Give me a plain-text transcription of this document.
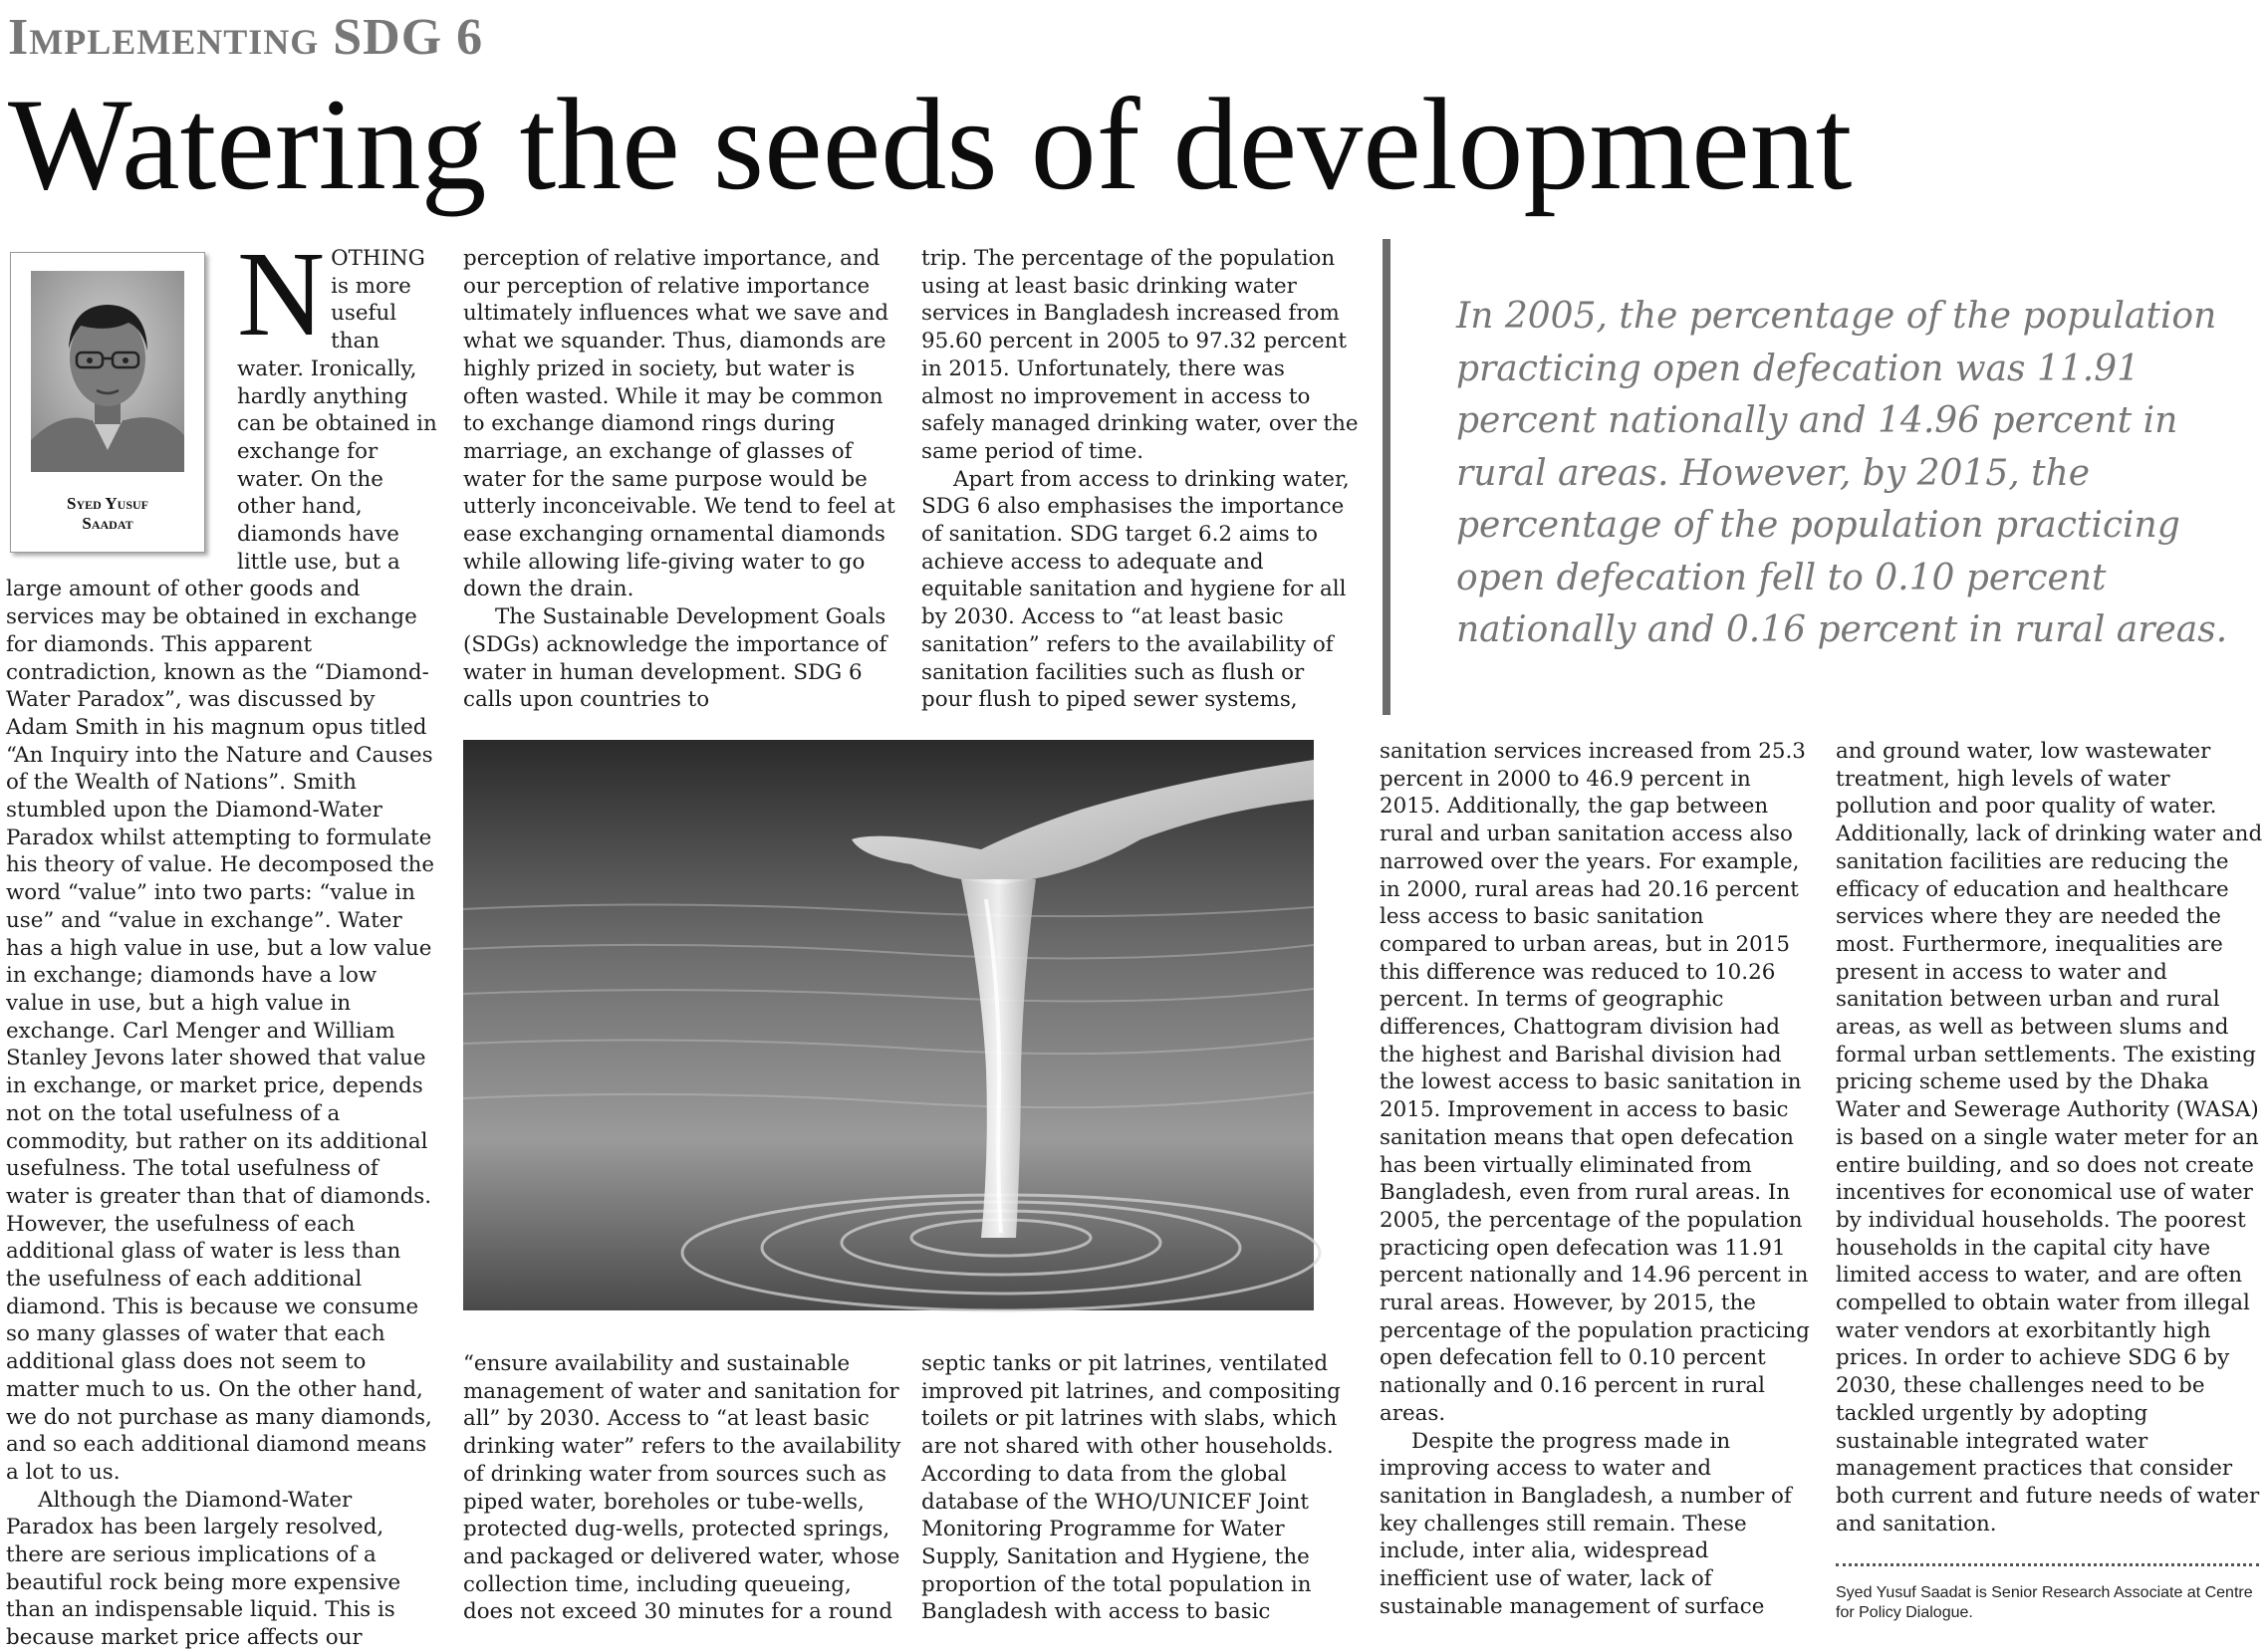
Implementing SDG 6
Watering the seeds of development
Syed Yusuf
Saadat
N OTHING is more useful than water. Ironically, hardly anything can be obtained in exchange for water. On the other hand, diamonds have little use, but a large amount of other goods and services may be obtained in exchange for diamonds. This apparent contradiction, known as the “Diamond-Water Paradox”, was discussed by Adam Smith in his magnum opus titled “An Inquiry into the Nature and Causes of the Wealth of Nations”. Smith stumbled upon the Diamond-Water Paradox whilst attempting to formulate his theory of value. He decomposed the word “value” into two parts: “value in use” and “value in exchange”. Water has a high value in use, but a low value in exchange; diamonds have a low value in use, but a high value in exchange. Carl Menger and William Stanley Jevons later showed that value in exchange, or market price, depends not on the total usefulness of a commodity, but rather on its additional usefulness. The total usefulness of water is greater than that of diamonds. However, the usefulness of each additional glass of water is less than the usefulness of each additional diamond. This is because we consume so many glasses of water that each additional glass does not seem to matter much to us. On the other hand, we do not purchase as many diamonds, and so each additional diamond means a lot to us.

Although the Diamond-Water Paradox has been largely resolved, there are serious implications of a beautiful rock being more expensive than an indispensable liquid. This is because market price affects our

perception of relative importance, and our perception of relative importance ultimately influences what we save and what we squander. Thus, diamonds are highly prized in society, but water is often wasted. While it may be common to exchange diamond rings during marriage, an exchange of glasses of water for the same purpose would be utterly inconceivable. We tend to feel at ease exchanging ornamental diamonds while allowing life-giving water to go down the drain.

The Sustainable Development Goals (SDGs) acknowledge the importance of water in human development. SDG 6 calls upon countries to

trip. The percentage of the population using at least basic drinking water services in Bangladesh increased from 95.60 percent in 2005 to 97.32 percent in 2015. Unfortunately, there was almost no improvement in access to safely managed drinking water, over the same period of time.

Apart from access to drinking water, SDG 6 also emphasises the importance of sanitation. SDG target 6.2 aims to achieve access to adequate and equitable sanitation and hygiene for all by 2030. Access to “at least basic sanitation” refers to the availability of sanitation facilities such as flush or pour flush to piped sewer systems,

In 2005, the percentage of the population practicing open defecation was 11.91 percent nationally and 14.96 percent in rural areas. However, by 2015, the percentage of the population practicing open defecation fell to 0.10 percent nationally and 0.16 percent in rural areas.

“ensure availability and sustainable management of water and sanitation for all” by 2030. Access to “at least basic drinking water” refers to the availability of drinking water from sources such as piped water, boreholes or tube-wells, protected dug-wells, protected springs, and packaged or delivered water, whose collection time, including queueing, does not exceed 30 minutes for a round

septic tanks or pit latrines, ventilated improved pit latrines, and compositing toilets or pit latrines with slabs, which are not shared with other households. According to data from the global database of the WHO/UNICEF Joint Monitoring Programme for Water Supply, Sanitation and Hygiene, the proportion of the total population in Bangladesh with access to basic

sanitation services increased from 25.3 percent in 2000 to 46.9 percent in 2015. Additionally, the gap between rural and urban sanitation access also narrowed over the years. For example, in 2000, rural areas had 20.16 percent less access to basic sanitation compared to urban areas, but in 2015 this difference was reduced to 10.26 percent. In terms of geographic differences, Chattogram division had the highest and Barishal division had the lowest access to basic sanitation in 2015. Improvement in access to basic sanitation means that open defecation has been virtually eliminated from Bangladesh, even from rural areas. In 2005, the percentage of the population practicing open defecation was 11.91 percent nationally and 14.96 percent in rural areas. However, by 2015, the percentage of the population practicing open defecation fell to 0.10 percent nationally and 0.16 percent in rural areas.

Despite the progress made in improving access to water and sanitation in Bangladesh, a number of key challenges still remain. These include, inter alia, widespread inefficient use of water, lack of sustainable management of surface

and ground water, low wastewater treatment, high levels of water pollution and poor quality of water. Additionally, lack of drinking water and sanitation facilities are reducing the efficacy of education and healthcare services where they are needed the most. Furthermore, inequalities are present in access to water and sanitation between urban and rural areas, as well as between slums and formal urban settlements. The existing pricing scheme used by the Dhaka Water and Sewerage Authority (WASA) is based on a single water meter for an entire building, and so does not create incentives for economical use of water by individual households. The poorest households in the capital city have limited access to water, and are often compelled to obtain water from illegal water vendors at exorbitantly high prices. In order to achieve SDG 6 by 2030, these challenges need to be tackled urgently by adopting sustainable integrated water management practices that consider both current and future needs of water and sanitation.

Syed Yusuf Saadat is Senior Research Associate at Centre for Policy Dialogue.
